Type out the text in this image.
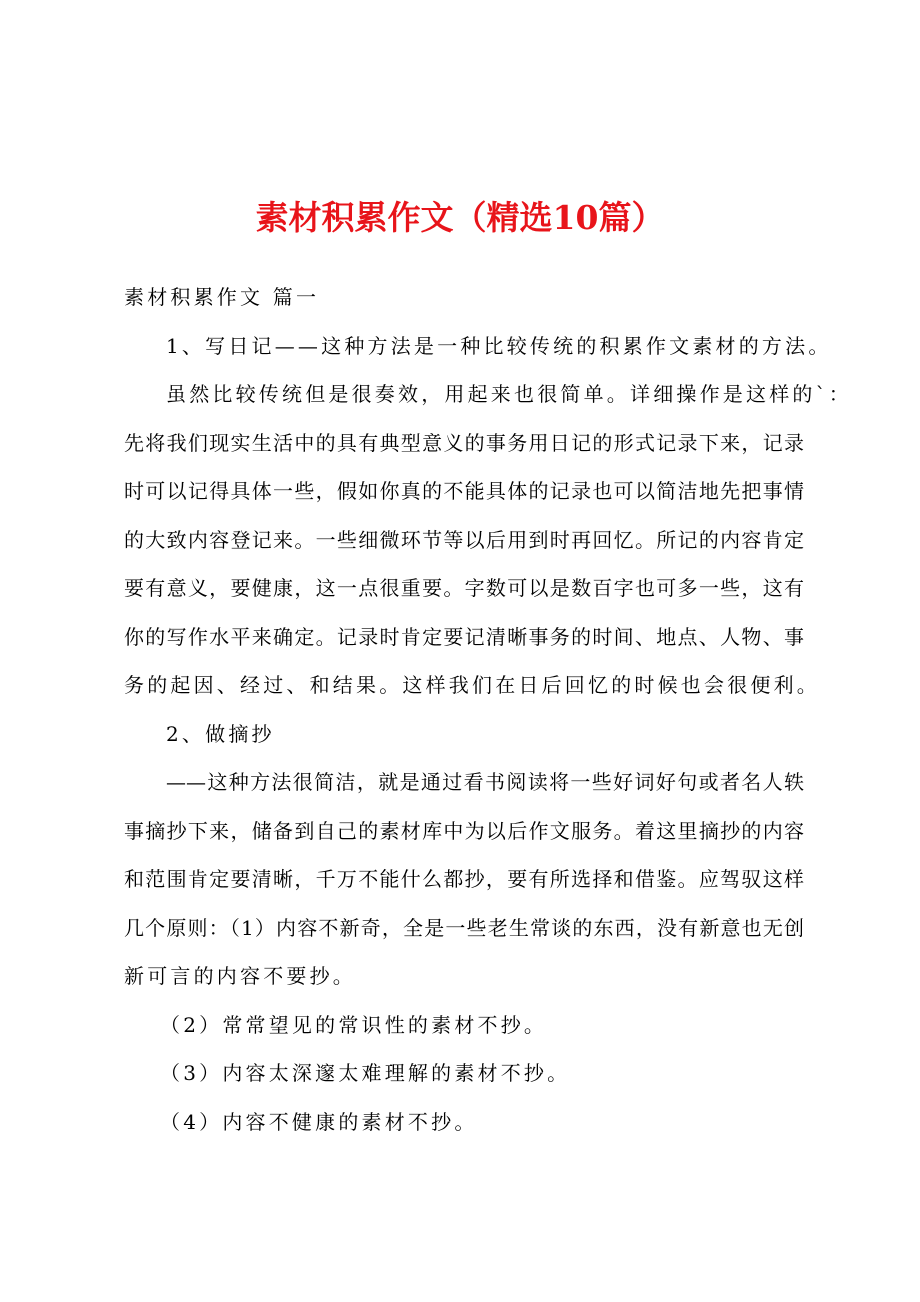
素材积累作文（精选10篇）
素材积累作文 篇一
1、写日记——这种方法是一种比较传统的积累作文素材的方法。
虽然比较传统但是很奏效，用起来也很简单。详细操作是这样的`：
先将我们现实生活中的具有典型意义的事务用日记的形式记录下来，记录
时可以记得具体一些，假如你真的不能具体的记录也可以简洁地先把事情
的大致内容登记来。一些细微环节等以后用到时再回忆。所记的内容肯定
要有意义，要健康，这一点很重要。字数可以是数百字也可多一些，这有
你的写作水平来确定。记录时肯定要记清晰事务的时间、地点、人物、事
务的起因、经过、和结果。这样我们在日后回忆的时候也会很便利。
2、做摘抄
——这种方法很简洁，就是通过看书阅读将一些好词好句或者名人轶
事摘抄下来，储备到自己的素材库中为以后作文服务。着这里摘抄的内容
和范围肯定要清晰，千万不能什么都抄，要有所选择和借鉴。应驾驭这样
几个原则：（1）内容不新奇，全是一些老生常谈的东西，没有新意也无创
新可言的内容不要抄。
（2）常常望见的常识性的素材不抄。
（3）内容太深邃太难理解的素材不抄。
（4）内容不健康的素材不抄。
